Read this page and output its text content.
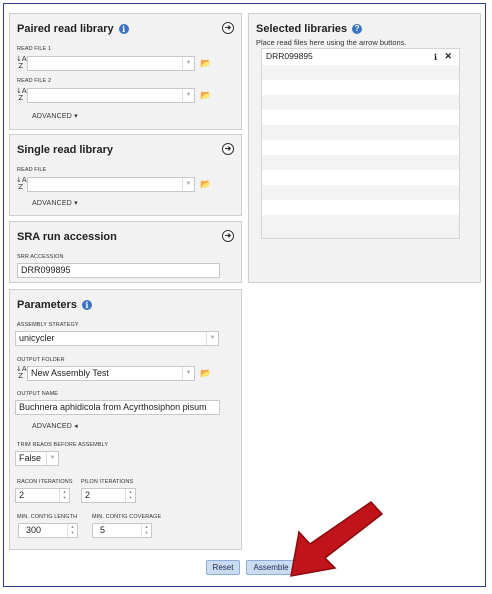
Paired read library	i	➜
READ FILE 1
↓A
Z	▼ 📂
READ FILE 2
↓A
Z	▼ 📂
ADVANCED ▾
Single read library	➜
READ FILE
↓A
Z	▼ 📂
ADVANCED ▾
SRA run accession	➜
SRR ACCESSION
DRR099895
Parameters	i
ASSEMBLY STRATEGY
unicycler	▼
OUTPUT FOLDER
↓A
Z New Assembly Test	▼ 📂
OUTPUT NAME
Buchnera aphidicola from Acyrthosiphon pisum
ADVANCED ◂
TRIM READS BEFORE ASSEMBLY
False	▼
RACON ITERATIONS PILON ITERATIONS
2	▲
▼	2	▲
▼
MIN. CONTIG LENGTH	MIN. CONTIG COVERAGE
300	▲
▼	5	▲
▼
Selected libraries ?
Place read files here using the arrow buttons.
DRR099895	i ✕
Reset	Assemble
